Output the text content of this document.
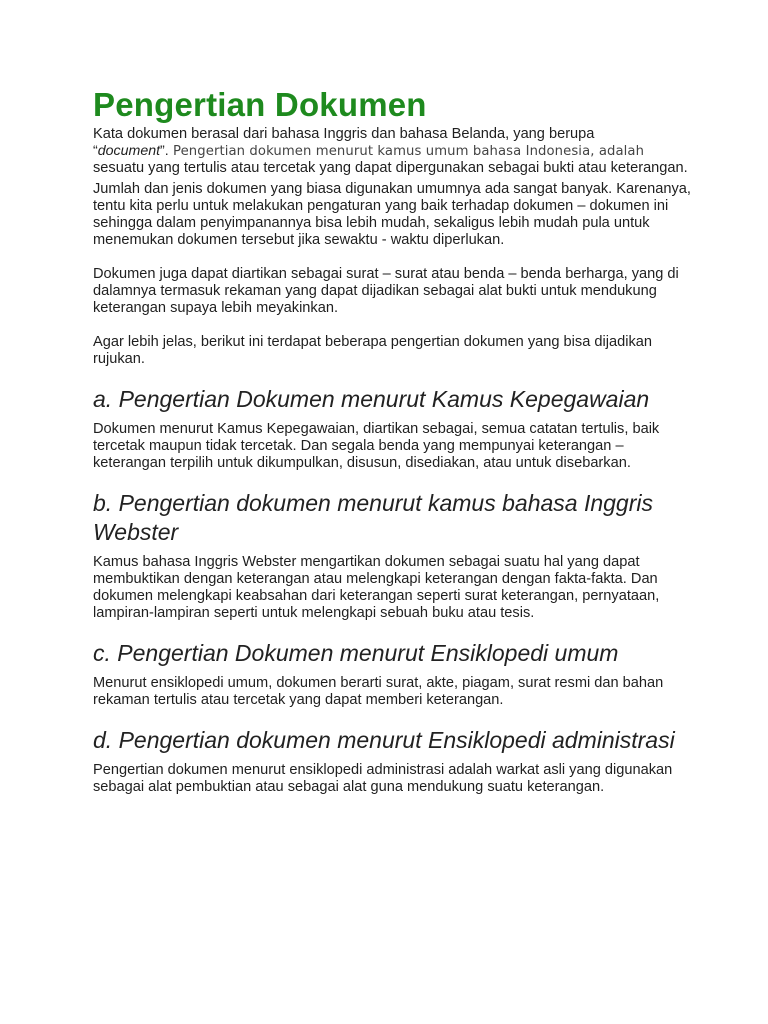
Pengertian Dokumen

Kata dokumen berasal dari bahasa Inggris dan bahasa Belanda, yang berupa

“document”. Pengertian dokumen menurut kamus umum bahasa Indonesia, adalah

sesuatu yang tertulis atau tercetak yang dapat dipergunakan sebagai bukti atau keterangan.

Jumlah dan jenis dokumen yang biasa digunakan umumnya ada sangat banyak. Karenanya, tentu kita perlu untuk melakukan pengaturan yang baik terhadap dokumen – dokumen ini sehingga dalam penyimpanannya bisa lebih mudah, sekaligus lebih mudah pula untuk menemukan dokumen tersebut jika sewaktu - waktu diperlukan.

Dokumen juga dapat diartikan sebagai surat – surat atau benda – benda berharga, yang di dalamnya termasuk rekaman yang dapat dijadikan sebagai alat bukti untuk mendukung keterangan supaya lebih meyakinkan.

Agar lebih jelas, berikut ini terdapat beberapa pengertian dokumen yang bisa dijadikan rujukan.

a. Pengertian Dokumen menurut Kamus Kepegawaian

Dokumen menurut Kamus Kepegawaian, diartikan sebagai, semua catatan tertulis, baik tercetak maupun tidak tercetak. Dan segala benda yang mempunyai keterangan – keterangan terpilih untuk dikumpulkan, disusun, disediakan, atau untuk disebarkan.

b. Pengertian dokumen menurut kamus bahasa Inggris Webster

Kamus bahasa Inggris Webster mengartikan dokumen sebagai suatu hal yang dapat membuktikan dengan keterangan atau melengkapi keterangan dengan fakta-fakta. Dan dokumen melengkapi keabsahan dari keterangan seperti surat keterangan, pernyataan, lampiran-lampiran seperti untuk melengkapi sebuah buku atau tesis.

c. Pengertian Dokumen menurut Ensiklopedi umum

Menurut ensiklopedi umum, dokumen berarti surat, akte, piagam, surat resmi dan bahan rekaman tertulis atau tercetak yang dapat memberi keterangan.

d. Pengertian dokumen menurut Ensiklopedi administrasi

Pengertian dokumen menurut ensiklopedi administrasi adalah warkat asli yang digunakan sebagai alat pembuktian atau sebagai alat guna mendukung suatu keterangan.
